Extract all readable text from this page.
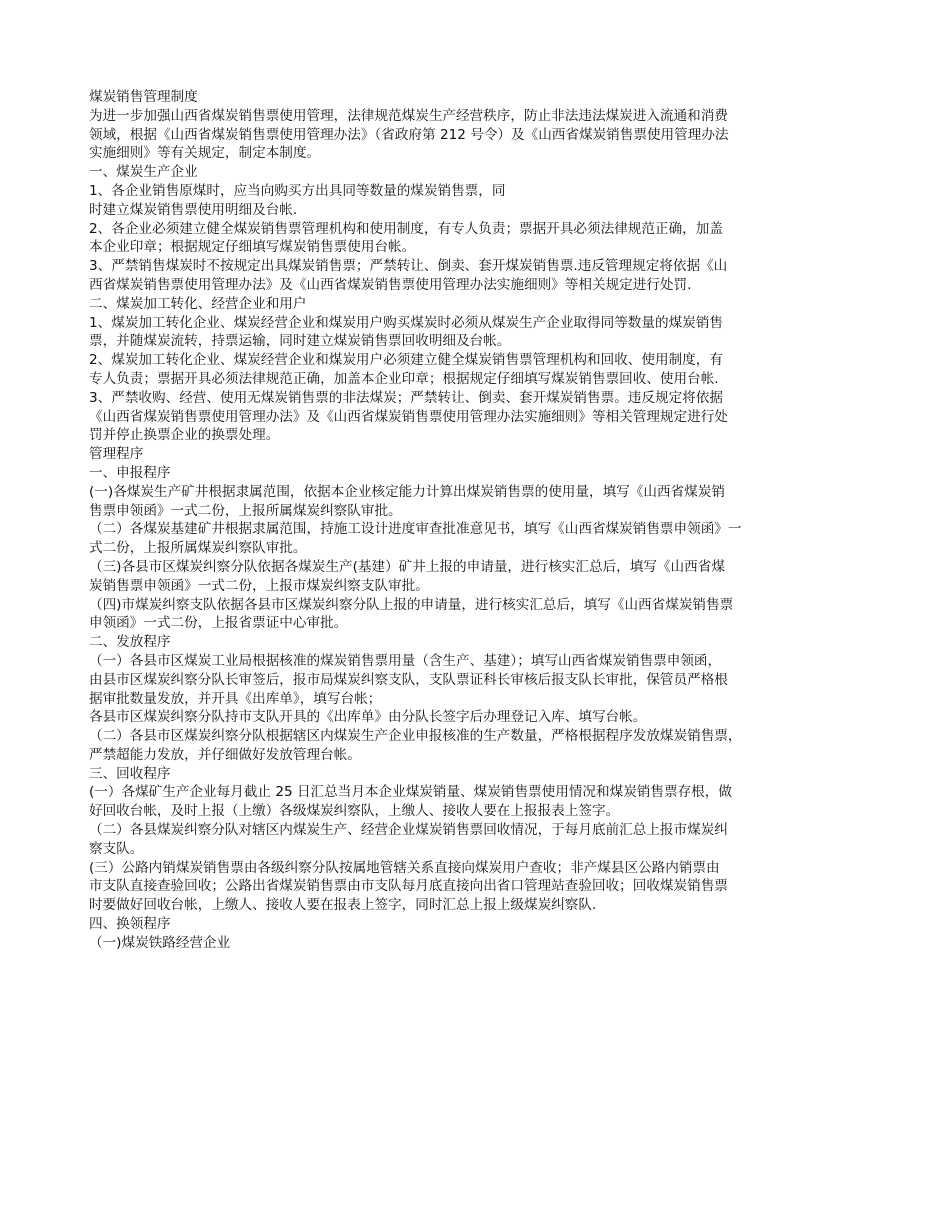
煤炭销售管理制度

为进一步加强山西省煤炭销售票使用管理，法律规范煤炭生产经营秩序，防止非法违法煤炭进入流通和消费

领域，根据《山西省煤炭销售票使用管理办法》（省政府第 212 号令）及《山西省煤炭销售票使用管理办法

实施细则》等有关规定，制定本制度。

一、煤炭生产企业

1、各企业销售原煤时，应当向购买方出具同等数量的煤炭销售票，同

时建立煤炭销售票使用明细及台帐.

2、各企业必须建立健全煤炭销售票管理机构和使用制度，有专人负责；票据开具必须法律规范正确，加盖

本企业印章；根据规定仔细填写煤炭销售票使用台帐。

3、严禁销售煤炭时不按规定出具煤炭销售票；严禁转让、倒卖、套开煤炭销售票.违反管理规定将依据《山

西省煤炭销售票使用管理办法》及《山西省煤炭销售票使用管理办法实施细则》等相关规定进行处罚.

二、煤炭加工转化、经营企业和用户

1、煤炭加工转化企业、煤炭经营企业和煤炭用户购买煤炭时必须从煤炭生产企业取得同等数量的煤炭销售

票，并随煤炭流转，持票运输，同时建立煤炭销售票回收明细及台帐。

2、煤炭加工转化企业、煤炭经营企业和煤炭用户必须建立健全煤炭销售票管理机构和回收、使用制度，有

专人负责；票据开具必须法律规范正确，加盖本企业印章；根据规定仔细填写煤炭销售票回收、使用台帐.

3、严禁收购、经营、使用无煤炭销售票的非法煤炭；严禁转让、倒卖、套开煤炭销售票。违反规定将依据

《山西省煤炭销售票使用管理办法》及《山西省煤炭销售票使用管理办法实施细则》等相关管理规定进行处

罚并停止换票企业的换票处理。

管理程序

一、申报程序

(一)各煤炭生产矿井根据隶属范围，依据本企业核定能力计算出煤炭销售票的使用量，填写《山西省煤炭销

售票申领函》一式二份，上报所属煤炭纠察队审批。

（二）各煤炭基建矿井根据隶属范围，持施工设计进度审查批准意见书，填写《山西省煤炭销售票申领函》一

式二份，上报所属煤炭纠察队审批。

（三)各县市区煤炭纠察分队依据各煤炭生产(基建）矿井上报的申请量，进行核实汇总后，填写《山西省煤

炭销售票申领函》一式二份，上报市煤炭纠察支队审批。

（四)市煤炭纠察支队依据各县市区煤炭纠察分队上报的申请量，进行核实汇总后，填写《山西省煤炭销售票

申领函》一式二份，上报省票证中心审批。

二、发放程序

（一）各县市区煤炭工业局根据核准的煤炭销售票用量（含生产、基建）；填写山西省煤炭销售票申领函，

由县市区煤炭纠察分队长审签后，报市局煤炭纠察支队，支队票证科长审核后报支队长审批，保管员严格根

据审批数量发放，并开具《出库单》，填写台帐；

各县市区煤炭纠察分队持市支队开具的《出库单》由分队长签字后办理登记入库、填写台帐。

（二）各县市区煤炭纠察分队根据辖区内煤炭生产企业申报核准的生产数量，严格根据程序发放煤炭销售票，

严禁超能力发放，并仔细做好发放管理台帐。

三、回收程序

(一）各煤矿生产企业每月截止 25 日汇总当月本企业煤炭销量、煤炭销售票使用情况和煤炭销售票存根，做

好回收台帐，及时上报（上缴）各级煤炭纠察队，上缴人、接收人要在上报报表上签字。

（二）各县煤炭纠察分队对辖区内煤炭生产、经营企业煤炭销售票回收情况，于每月底前汇总上报市煤炭纠

察支队。

(三）公路内销煤炭销售票由各级纠察分队按属地管辖关系直接向煤炭用户查收；非产煤县区公路内销票由

市支队直接查验回收；公路出省煤炭销售票由市支队每月底直接向出省口管理站查验回收；回收煤炭销售票

时要做好回收台帐，上缴人、接收人要在报表上签字，同时汇总上报上级煤炭纠察队.

四、换领程序

（一)煤炭铁路经营企业
